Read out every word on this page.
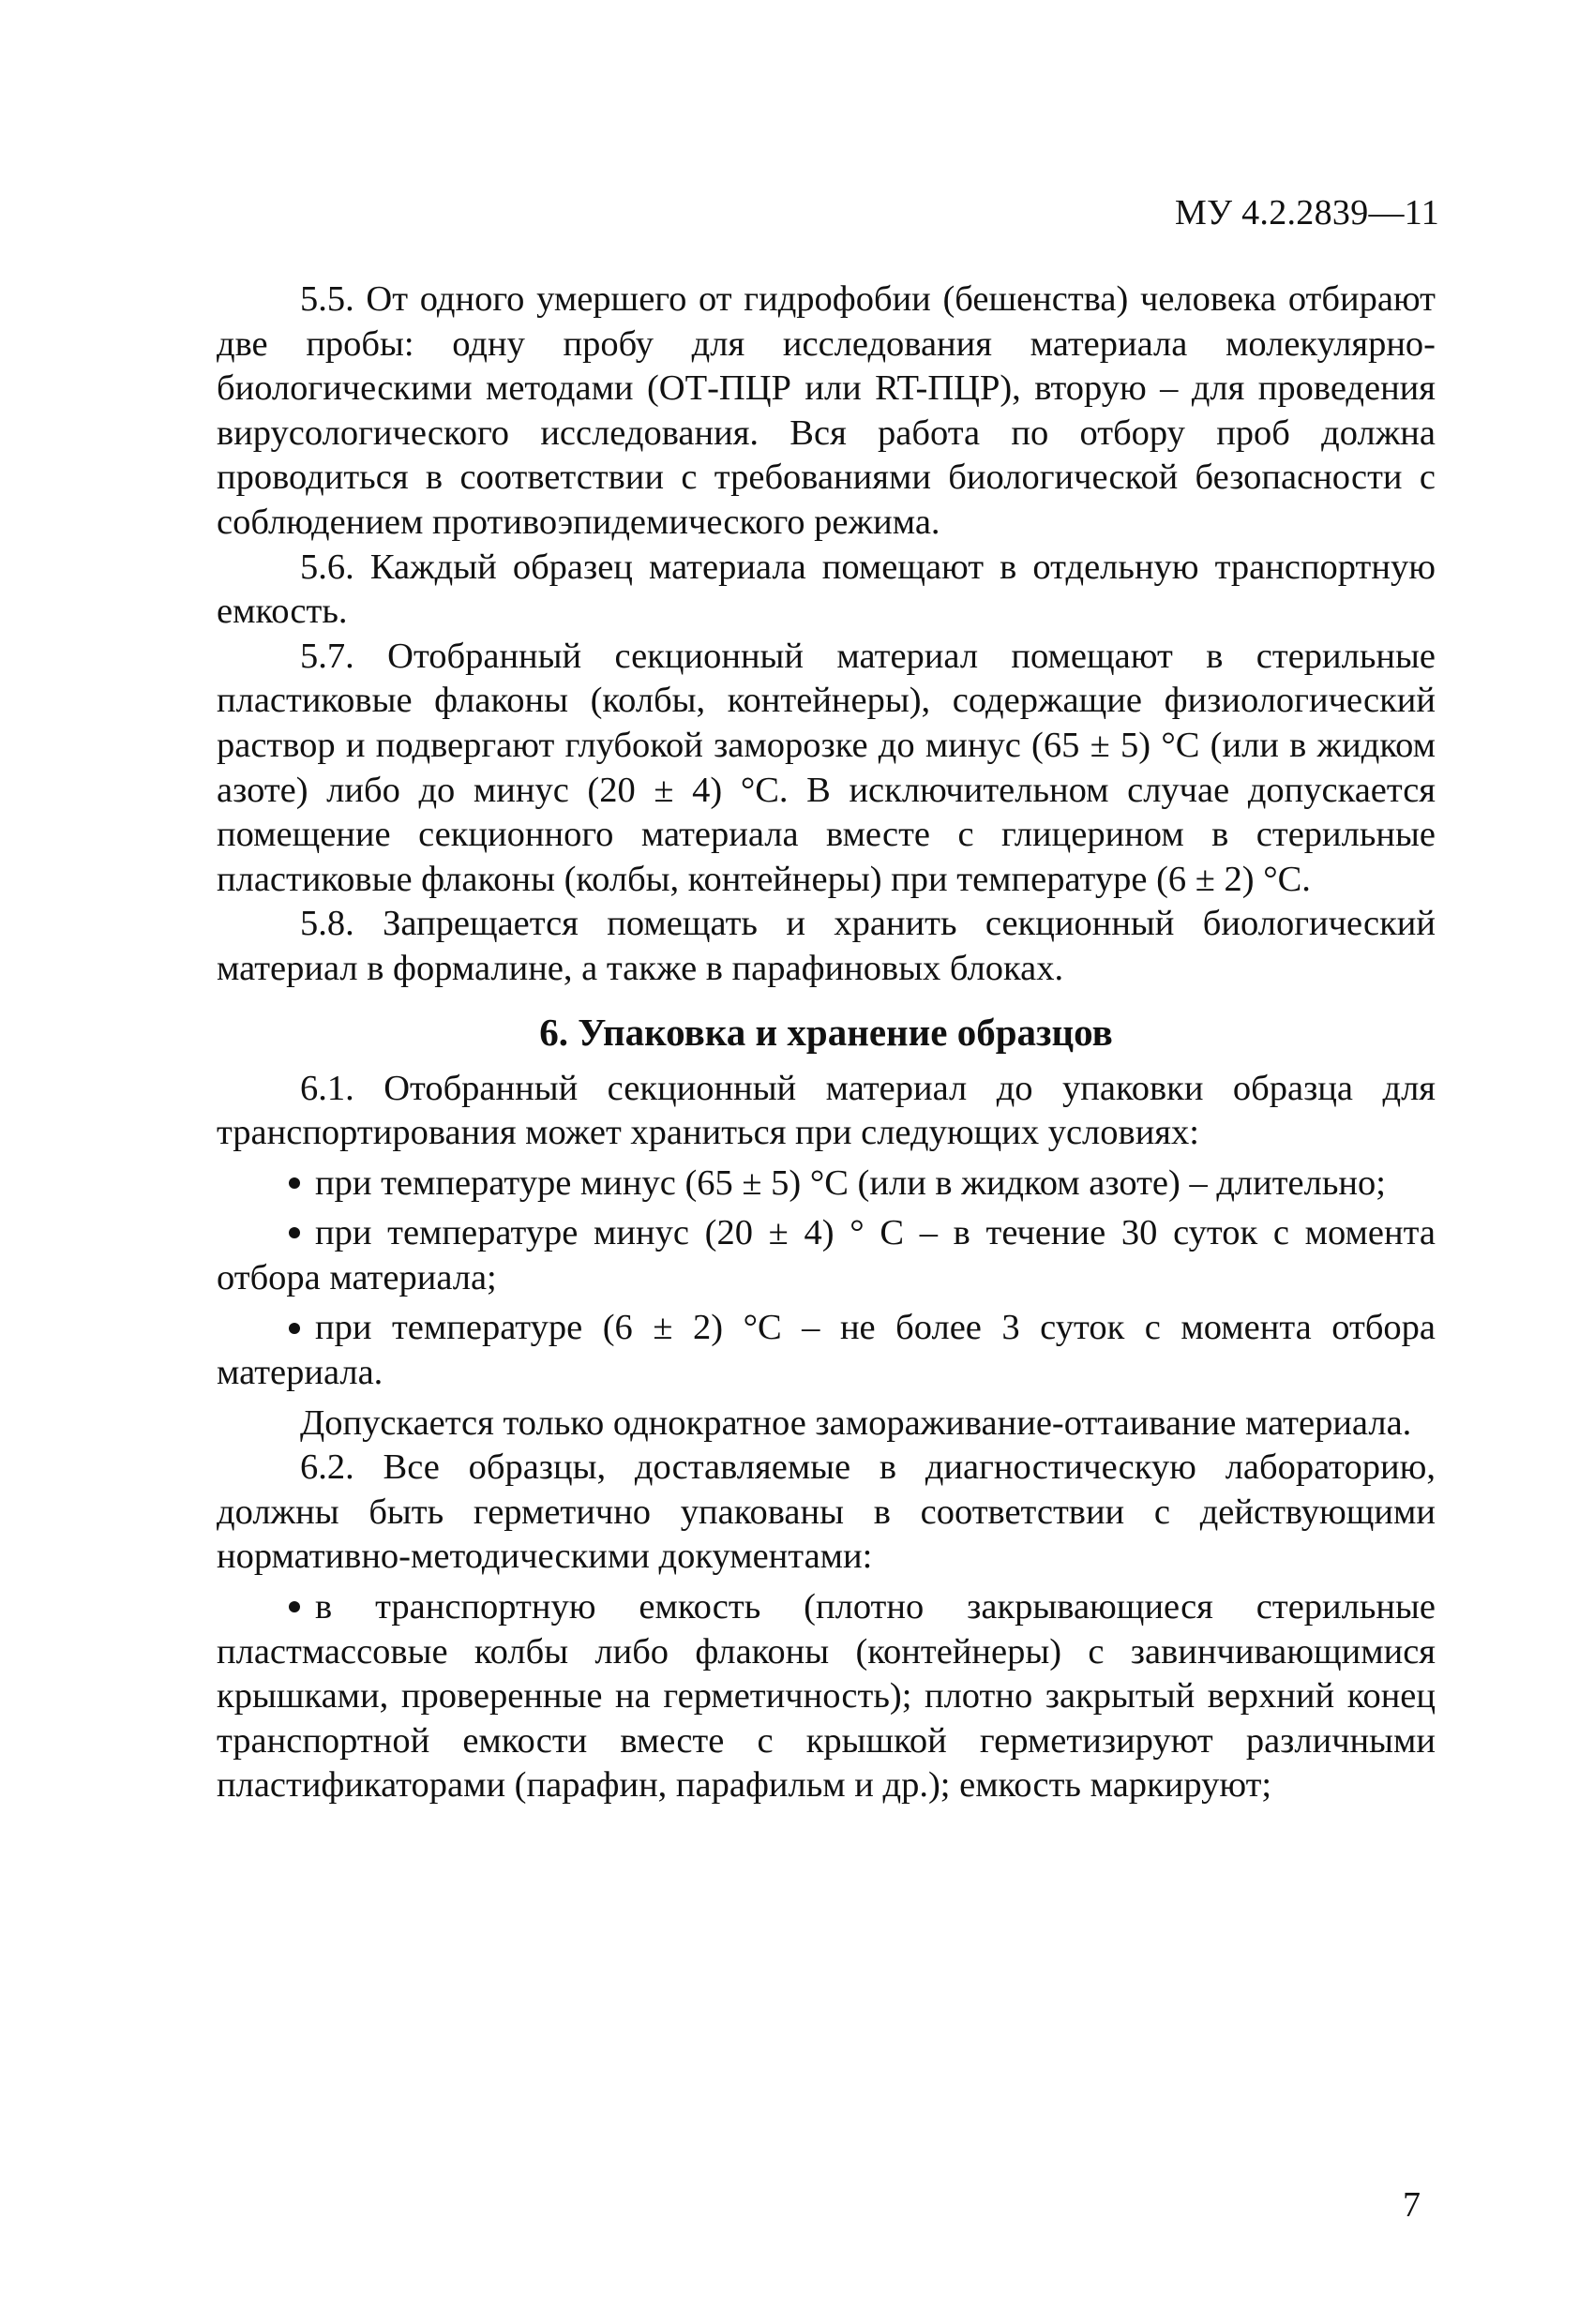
МУ 4.2.2839—11

5.5. От одного умершего от гидрофобии (бешенства) человека отбирают две пробы: одну пробу для исследования материала молекулярно-биологическими методами (ОТ-ПЦР или RT-ПЦР), вторую – для проведения вирусологического исследования. Вся работа по отбору проб должна проводиться в соответствии с требованиями биологической безопасности с соблюдением противоэпидемического режима.

5.6. Каждый образец материала помещают в отдельную транспортную емкость.

5.7. Отобранный секционный материал помещают в стерильные пластиковые флаконы (колбы, контейнеры), содержащие физиологический раствор и подвергают глубокой заморозке до минус (65 ± 5) °С (или в жидком азоте) либо до минус (20 ± 4) °С. В исключительном случае допускается помещение секционного материала вместе с глицерином в стерильные пластиковые флаконы (колбы, контейнеры) при температуре (6 ± 2) °С.

5.8. Запрещается помещать и хранить секционный биологический материал в формалине, а также в парафиновых блоках.

6. Упаковка и хранение образцов

6.1. Отобранный секционный материал до упаковки образца для транспортирования может храниться при следующих условиях:

при температуре минус (65 ± 5) °С (или в жидком азоте) – длительно;

при температуре минус (20 ± 4) ° С – в течение 30 суток с момента отбора материала;

при температуре (6 ± 2) °С – не более 3 суток с момента отбора материала.

Допускается только однократное замораживание-оттаивание материала.

6.2. Все образцы, доставляемые в диагностическую лабораторию, должны быть герметично упакованы в соответствии с действующими нормативно-методическими документами:

в транспортную емкость (плотно закрывающиеся стерильные пластмассовые колбы либо флаконы (контейнеры) с завинчивающимися крышками, проверенные на герметичность); плотно закрытый верхний конец транспортной емкости вместе с крышкой герметизируют различными пластификаторами (парафин, парафильм и др.); емкость маркируют;

7
